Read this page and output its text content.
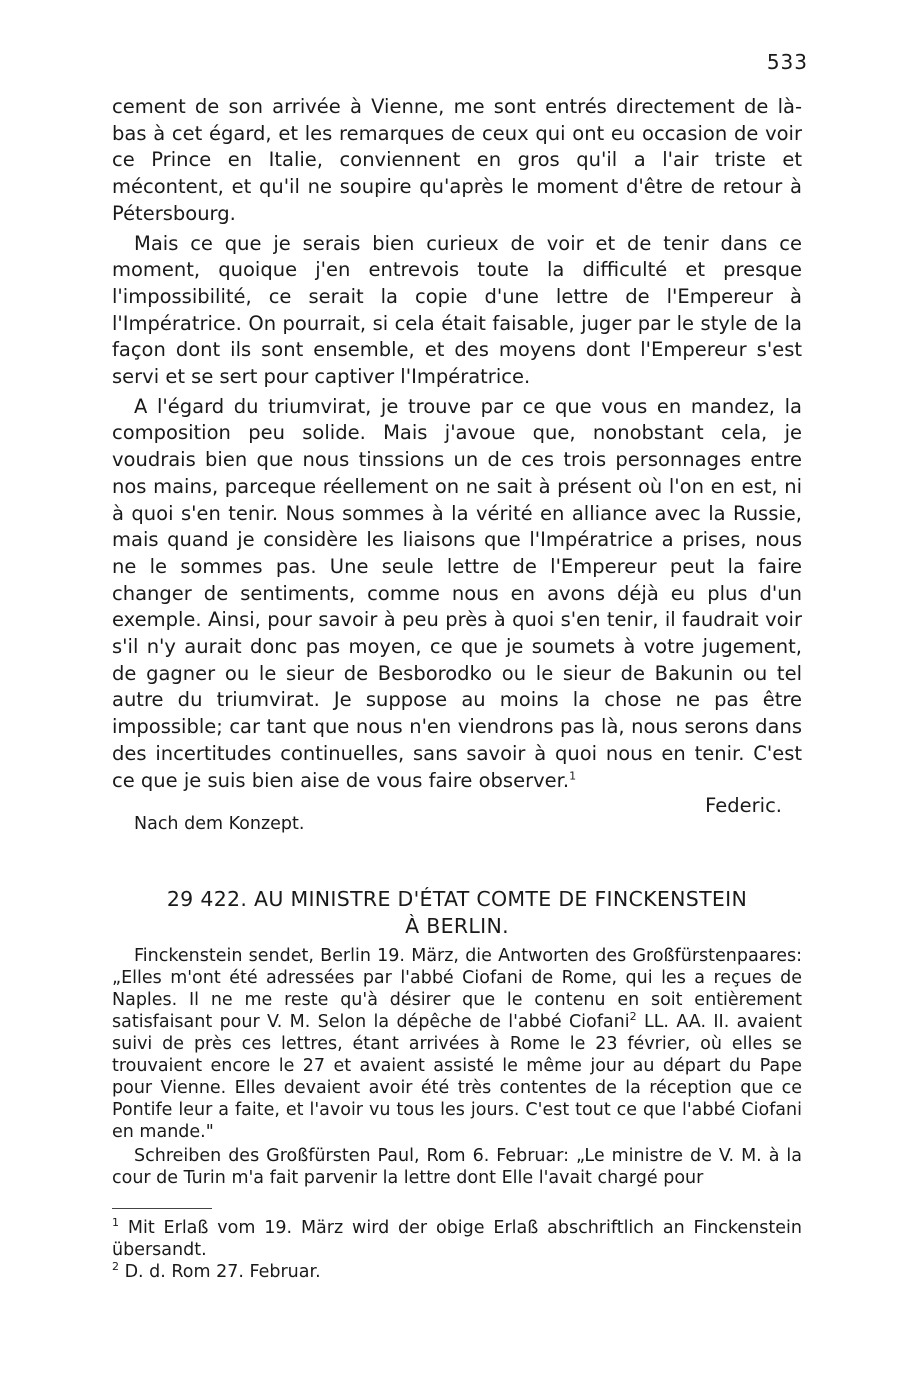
533

cement de son arrivée à Vienne, me sont entrés directement de là-bas à cet égard, et les remarques de ceux qui ont eu occasion de voir ce Prince en Italie, conviennent en gros qu'il a l'air triste et mécontent, et qu'il ne soupire qu'après le moment d'être de retour à Pétersbourg.

Mais ce que je serais bien curieux de voir et de tenir dans ce moment, quoique j'en entrevois toute la difficulté et presque l'impossibilité, ce serait la copie d'une lettre de l'Empereur à l'Impératrice. On pourrait, si cela était faisable, juger par le style de la façon dont ils sont ensemble, et des moyens dont l'Empereur s'est servi et se sert pour captiver l'Impératrice.

A l'égard du triumvirat, je trouve par ce que vous en mandez, la composition peu solide. Mais j'avoue que, nonobstant cela, je voudrais bien que nous tinssions un de ces trois personnages entre nos mains, parceque réellement on ne sait à présent où l'on en est, ni à quoi s'en tenir. Nous sommes à la vérité en alliance avec la Russie, mais quand je considère les liaisons que l'Impératrice a prises, nous ne le sommes pas. Une seule lettre de l'Empereur peut la faire changer de sentiments, comme nous en avons déjà eu plus d'un exemple. Ainsi, pour savoir à peu près à quoi s'en tenir, il faudrait voir s'il n'y aurait donc pas moyen, ce que je soumets à votre jugement, de gagner ou le sieur de Besborodko ou le sieur de Bakunin ou tel autre du triumvirat. Je suppose au moins la chose ne pas être impossible; car tant que nous n'en viendrons pas là, nous serons dans des incertitudes continuelles, sans savoir à quoi nous en tenir. C'est ce que je suis bien aise de vous faire observer.$^1$

Federic.
Nach dem Konzept.
29 422. AU MINISTRE D'ÉTAT COMTE DE FINCKENSTEIN
À BERLIN.

Finckenstein sendet, Berlin 19. März, die Antworten des Großfürstenpaares: „Elles m'ont été adressées par l'abbé Ciofani de Rome, qui les a reçues de Naples. Il ne me reste qu'à désirer que le contenu en soit entièrement satisfaisant pour V. M. Selon la dépêche de l'abbé Ciofani$^2$ LL. AA. II. avaient suivi de près ces lettres, étant arrivées à Rome le 23 février, où elles se trouvaient encore le 27 et avaient assisté le même jour au départ du Pape pour Vienne. Elles devaient avoir été très contentes de la réception que ce Pontife leur a faite, et l'avoir vu tous les jours. C'est tout ce que l'abbé Ciofani en mande."

Schreiben des Großfürsten Paul, Rom 6. Februar: „Le ministre de V. M. à la cour de Turin m'a fait parvenir la lettre dont Elle l'avait chargé pour

$^1$ Mit Erlaß vom 19. März wird der obige Erlaß abschriftlich an Finckenstein übersandt.

$^2$ D. d. Rom 27. Februar.
